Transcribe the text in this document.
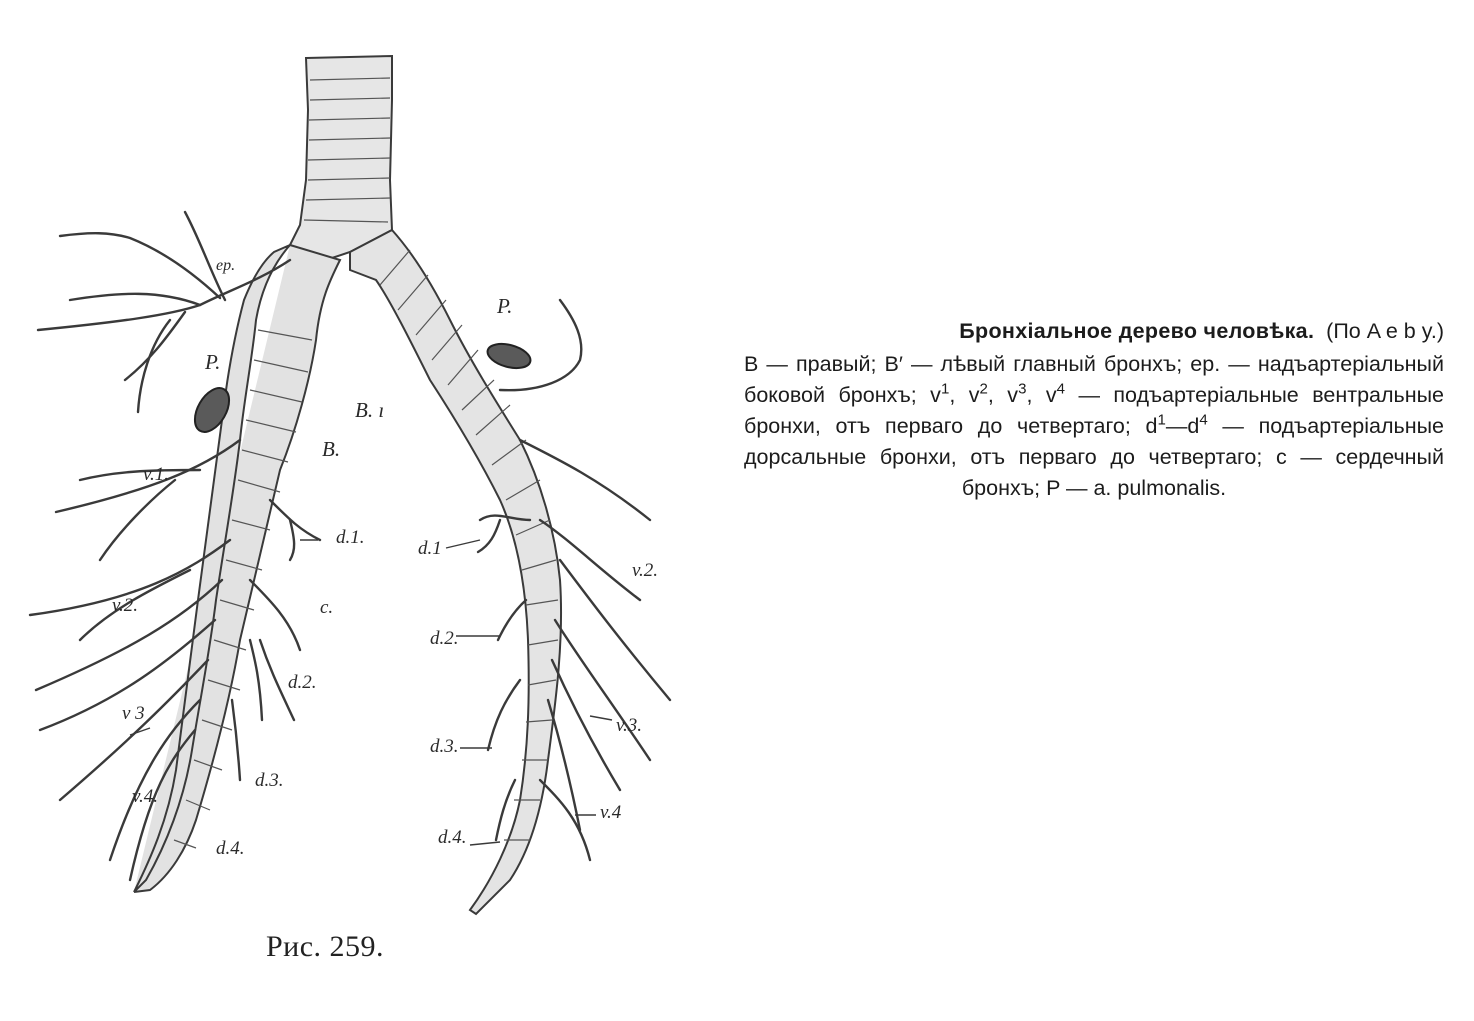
ep.
P.
P.
B.
B. ı
v.1.
v.2.
v 3
v.4.
d.1.
c.
d.2.
d.3.
d.4.
d.1
v.2.
d.2.
v.3.
d.3.
d.4.
v.4
Рис. 259.
Бронхіальное дерево человѣка. (По A e b y.)
B — правый; B′ — лѣвый главный бронхъ; ep. — надъартеріальный боковой бронхъ; $v^1$, $v^2$, $v^3$, $v^4$ — подъартеріальные вентральные бронхи, отъ перваго до четвертаго; $d^1—d^4$ — подъартеріальные дорсальные бронхи, отъ перваго до четвертаго; c — сердечный бронхъ; P — a. pulmonalis.
